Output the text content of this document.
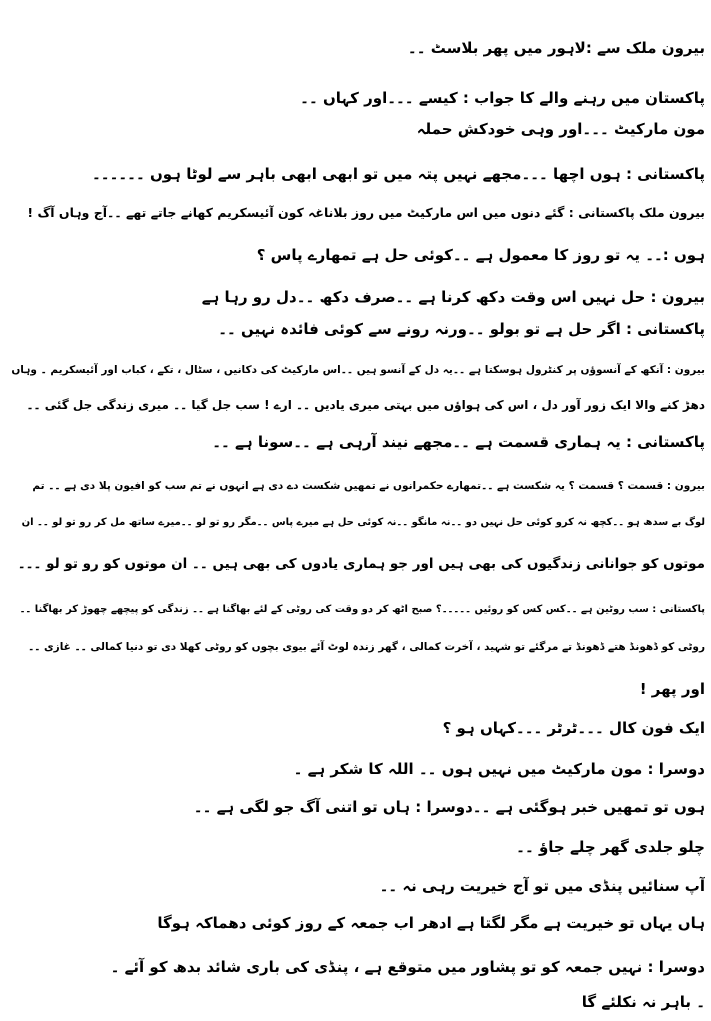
بیرون ملک سے :لاہور میں پھر بلاسٹ ۔۔
پاکستان میں رہنے والے کا جواب : کیسے ۔۔۔اور کہاں ۔۔
مون مارکیٹ ۔۔۔اور وہی خودکش حملہ
پاکستانی : ہوں اچھا ۔۔۔مجھے نہیں پتہ میں تو ابھی ابھی باہر سے لوٹا ہوں ۔۔۔۔۔۔
بیرون ملک پاکستانی : گئے دنوں میں اس مارکیٹ میں روز بلاناغہ کون آئیسکریم کھانے جاتے تھے ۔۔آج وہاں آگ !
ہوں :۔۔ یہ تو روز کا معمول ہے ۔۔کوئی حل ہے تمھارے پاس ؟
بیرون : حل نہیں اس وقت دکھ کرنا ہے ۔۔صرف دکھ ۔۔دل رو رہا ہے
پاکستانی : اگر حل ہے تو بولو ۔۔ورنہ رونے سے کوئی فائدہ نہیں ۔۔
بیرون : آنکھ کے آنسوؤں پر کنٹرول ہوسکتا ہے ۔۔یہ دل کے آنسو ہیں ۔۔اس مارکیٹ کی دکانیں ، سٹال ، تکے ، کباب اور آئیسکریم ۔ وہاں
دھڑ کنے والا ایک زور آور دل ، اس کی ہواؤں میں بہتی میری یادیں ۔۔ ارے ! سب جل گیا ۔۔ میری زندگی جل گئی ۔۔
پاکستانی : یہ ہماری قسمت ہے ۔۔مجھے نیند آرہی ہے ۔۔سونا ہے ۔۔
بیرون : قسمت ؟ قسمت ؟ یہ شکست ہے ۔۔تمھارے حکمرانوں نے تمھیں شکست دے دی ہے انہوں نے تم سب کو افیون پلا دی ہے ۔۔ تم
لوگ بے سدھ ہو ۔۔کچھ نہ کرو کوئی حل نہیں دو ۔۔نہ مانگو ۔۔نہ کوئی حل ہے میرے پاس ۔۔مگر رو تو لو ۔۔میرے ساتھ مل کر رو تو لو ۔۔ ان
موتوں کو جوانانی زندگیوں کی بھی ہیں اور جو ہماری یادوں کی بھی ہیں ۔۔ ان موتوں کو رو تو لو ۔۔۔
پاکستانی : سب روٹین ہے ۔۔کس کس کو روئیں ۔۔۔۔۔؟ صبح اٹھ کر دو وقت کی روٹی کے لئے بھاگنا ہے ۔۔ زندگی کو پیچھے چھوڑ کر بھاگنا ۔۔
روٹی کو ڈھونڈ ھتے ڈھونڈ تے مرگئے تو شہید ، آخرت کمالی ، گھر زندہ لوٹ آئے بیوی بچوں کو روٹی کھلا دی تو دنیا کمالی ۔۔ غازی ۔۔
اور پھر !
ایک فون کال ۔۔۔ٹرٹر ۔۔۔کہاں ہو ؟
دوسرا : مون مارکیٹ میں نہیں ہوں ۔۔ اللہ کا شکر ہے ۔
ہوں تو تمھیں خبر ہوگئی ہے ۔۔دوسرا : ہاں تو اتنی آگ جو لگی ہے ۔۔
چلو جلدی گھر چلے جاؤ ۔۔
آپ سنائیں پنڈی میں تو آج خیریت رہی نہ ۔۔
ہاں یہاں تو خیریت ہے مگر لگتا ہے ادھر اب جمعہ کے روز کوئی دھماکہ ہوگا
دوسرا : نہیں جمعہ کو تو پشاور میں متوقع ہے ، پنڈی کی باری شائد بدھ کو آئے ۔
۔ باہر نہ نکلئے گا
